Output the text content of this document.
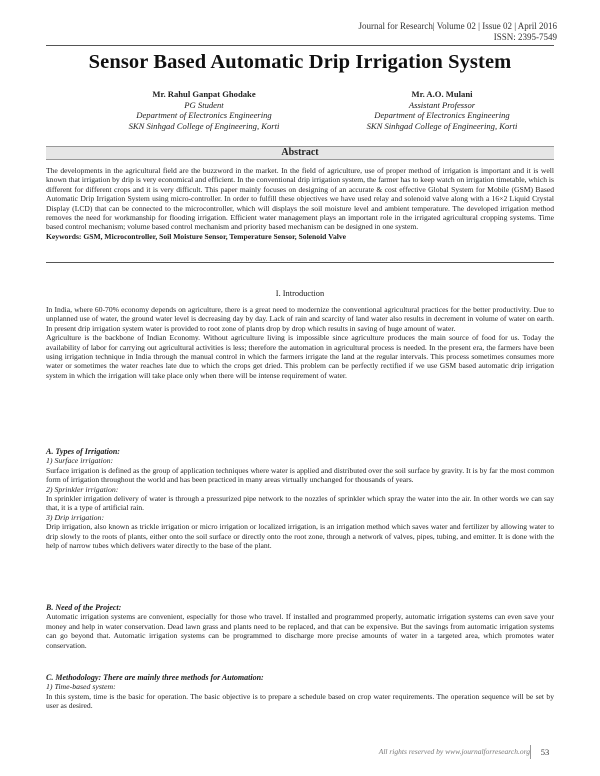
Journal for Research| Volume 02 | Issue 02 | April 2016
ISSN: 2395-7549
Sensor Based Automatic Drip Irrigation System
Mr. Rahul Ganpat Ghodake
PG Student
Department of Electronics Engineering
SKN Sinhgad College of Engineering, Korti
Mr. A.O. Mulani
Assistant Professor
Department of Electronics Engineering
SKN Sinhgad College of Engineering, Korti
Abstract

The developments in the agricultural field are the buzzword in the market. In the field of agriculture, use of proper method of irrigation is important and it is well known that irrigation by drip is very economical and efficient. In the conventional drip irrigation system, the farmer has to keep watch on irrigation timetable, which is different for different crops and it is very difficult. This paper mainly focuses on designing of an accurate & cost effective Global System for Mobile (GSM) Based Automatic Drip Irrigation System using micro-controller. In order to fulfill these objectives we have used relay and solenoid valve along with a 16×2 Liquid Crystal Display (LCD) that can be connected to the microcontroller, which will displays the soil moisture level and ambient temperature. The developed irrigation method removes the need for workmanship for flooding irrigation. Efficient water management plays an important role in the irrigated agricultural cropping systems. Time based control mechanism; volume based control mechanism and priority based mechanism can be designed in one system.

Keywords: GSM, Microcontroller, Soil Moisture Sensor, Temperature Sensor, Solenoid Valve

I. Introduction

In India, where 60-70% economy depends on agriculture, there is a great need to modernize the conventional agricultural practices for the better productivity. Due to unplanned use of water, the ground water level is decreasing day by day. Lack of rain and scarcity of land water also results in decrement in volume of water on earth. In present drip irrigation system water is provided to root zone of plants drop by drop which results in saving of huge amount of water.

Agriculture is the backbone of Indian Economy. Without agriculture living is impossible since agriculture produces the main source of food for us. Today the availability of labor for carrying out agricultural activities is less; therefore the automation in agricultural process is needed. In the present era, the farmers have been using irrigation technique in India through the manual control in which the farmers irrigate the land at the regular intervals. This process sometimes consumes more water or sometimes the water reaches late due to which the crops get dried. This problem can be perfectly rectified if we use GSM based automatic drip irrigation system in which the irrigation will take place only when there will be intense requirement of water.

A. Types of Irrigation:

1) Surface irrigation:

Surface irrigation is defined as the group of application techniques where water is applied and distributed over the soil surface by gravity. It is by far the most common form of irrigation throughout the world and has been practiced in many areas virtually unchanged for thousands of years.

2) Sprinkler irrigation:

In sprinkler irrigation delivery of water is through a pressurized pipe network to the nozzles of sprinkler which spray the water into the air. In other words we can say that, it is a type of artificial rain.

3) Drip irrigation:

Drip irrigation, also known as trickle irrigation or micro irrigation or localized irrigation, is an irrigation method which saves water and fertilizer by allowing water to drip slowly to the roots of plants, either onto the soil surface or directly onto the root zone, through a network of valves, pipes, tubing, and emitter. It is done with the help of narrow tubes which delivers water directly to the base of the plant.

B. Need of the Project:

Automatic irrigation systems are convenient, especially for those who travel. If installed and programmed properly, automatic irrigation systems can even save your money and help in water conservation. Dead lawn grass and plants need to be replaced, and that can be expensive. But the savings from automatic irrigation systems can go beyond that. Automatic irrigation systems can be programmed to discharge more precise amounts of water in a targeted area, which promotes water conservation.

C. Methodology: There are mainly three methods for Automation:

1) Time-based system:

In this system, time is the basic for operation. The basic objective is to prepare a schedule based on crop water requirements. The operation sequence will be set by user as desired.

All rights reserved by www.journalforresearch.org	53
